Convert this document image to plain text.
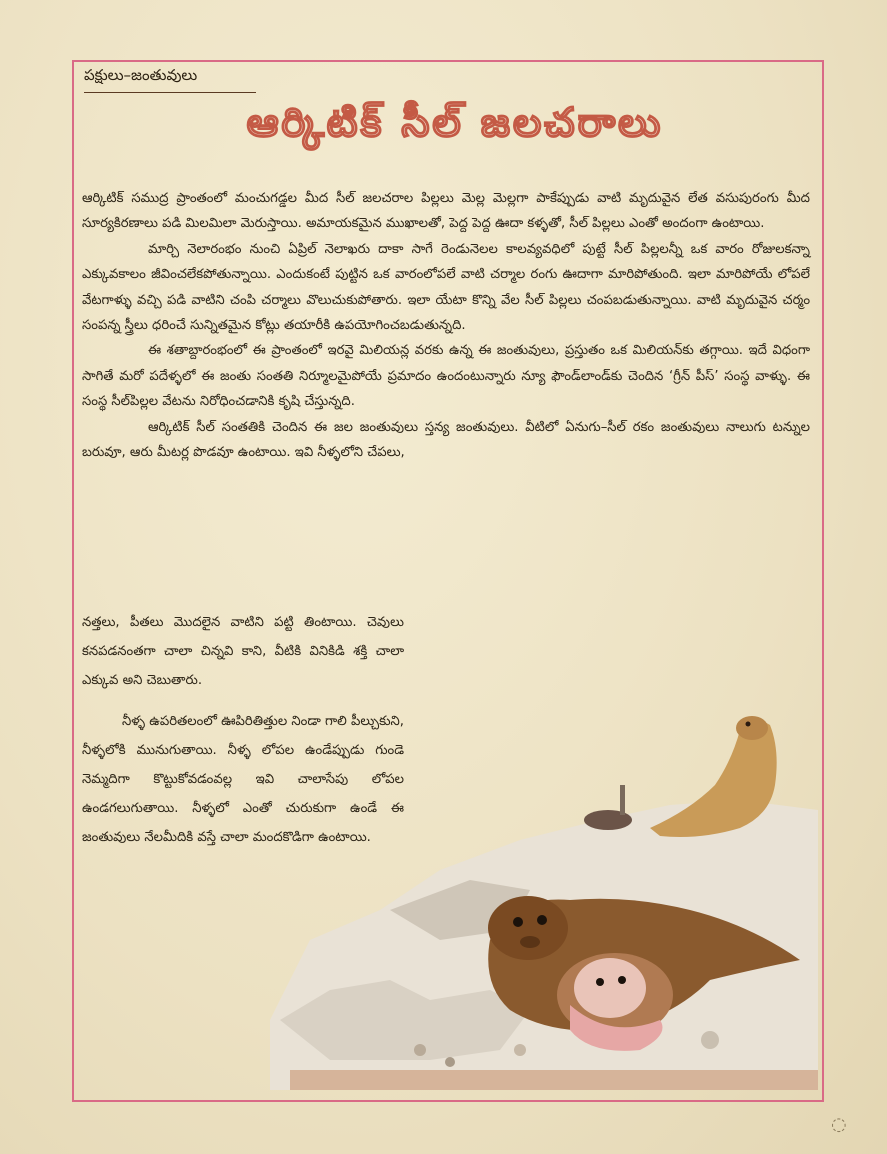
పక్షులు–జంతువులు
ఆర్కిటిక్ సీల్ జలచరాలు

ఆర్కిటిక్ సముద్ర ప్రాంతంలో మంచుగడ్డల మీద సీల్ జలచరాల పిల్లలు మెల్ల మెల్లగా పాకేప్పుడు వాటి మృదువైన లేత వసుపురంగు మీద సూర్యకిరణాలు పడి మిలమిలా మెరుస్తాయి. అమాయకమైన ముఖాలతో, పెద్ద పెద్ద ఊదా కళ్ళతో, సీల్ పిల్లలు ఎంతో అందంగా ఉంటాయి.

మార్చి నెలారంభం నుంచి ఏప్రిల్ నెలాఖరు దాకా సాగే రెండునెలల కాలవ్యవధిలో పుట్టే సీల్ పిల్లలన్నీ ఒక వారం రోజులకన్నా ఎక్కువకాలం జీవించలేకపోతున్నాయి. ఎందుకంటే పుట్టిన ఒక వారంలోపలే వాటి చర్మాల రంగు ఊదాగా మారిపోతుంది. ఇలా మారిపోయే లోపలే వేటగాళ్ళు వచ్చి పడి వాటిని చంపి చర్మాలు వొలుచుకుపోతారు. ఇలా యేటా కొన్ని వేల సీల్ పిల్లలు చంపబడుతున్నాయి. వాటి మృదువైన చర్మం సంపన్న స్త్రీలు ధరించే సున్నితమైన కోట్లు తయారీకి ఉపయోగించబడుతున్నది.

ఈ శతాబ్దారంభంలో ఈ ప్రాంతంలో ఇరవై మిలియన్ల వరకు ఉన్న ఈ జంతువులు, ప్రస్తుతం ఒక మిలియన్‌కు తగ్గాయి. ఇదే విధంగా సాగితే మరో పదేళ్ళలో ఈ జంతు సంతతి నిర్మూలమైపోయే ప్రమాదం ఉందంటున్నారు న్యూ ఫౌండ్‌లాండ్‌కు చెందిన ‘గ్రీన్ పీస్’ సంస్థ వాళ్ళు. ఈ సంస్థ సీల్‌పిల్లల వేటను నిరోధించడానికి కృషి చేస్తున్నది.

ఆర్కిటిక్ సీల్ సంతతికి చెందిన ఈ జల జంతువులు స్తన్య జంతువులు. వీటిలో ఏనుగు–సీల్ రకం జంతువులు నాలుగు టన్నుల బరువూ, ఆరు మీటర్ల పొడవూ ఉంటాయి. ఇవి నీళ్ళలోని చేపలు,

నత్తలు, పీతలు మొదలైన వాటిని పట్టి తింటాయి. చెవులు కనపడనంతగా చాలా చిన్నవి కాని, వీటికి వినికిడి శక్తి చాలా ఎక్కువ అని చెబుతారు.

నీళ్ళ ఉపరితలంలో ఊపిరితిత్తుల నిండా గాలి పీల్చుకుని, నీళ్ళలోకి మునుగుతాయి. నీళ్ళ లోపల ఉండేప్పుడు గుండె నెమ్మదిగా కొట్టుకోవడంవల్ల ఇవి చాలాసేపు లోపల ఉండగలుగుతాయి. నీళ్ళలో ఎంతో చురుకుగా ఉండే ఈ జంతువులు నేలమీదికి వస్తే చాలా మందకొడిగా ఉంటాయి.

◌
